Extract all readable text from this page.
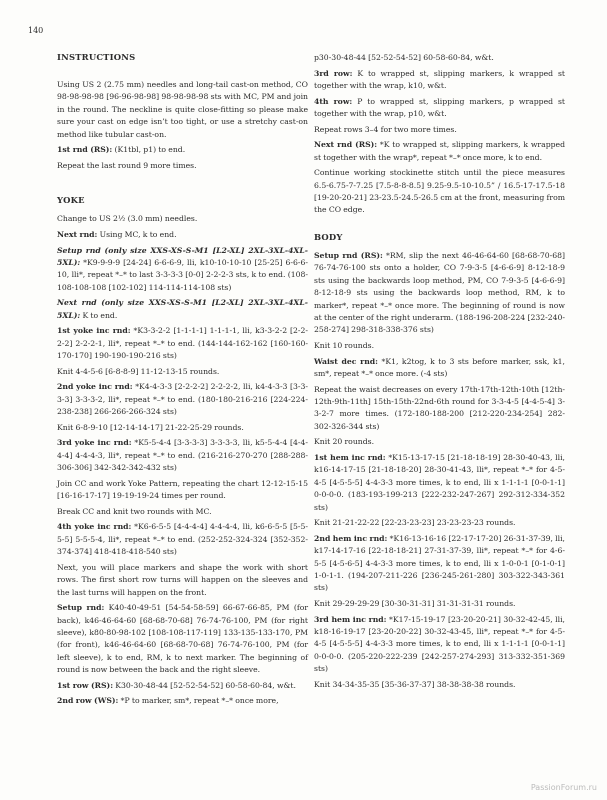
140
INSTRUCTIONS

Using US 2 (2.75 mm) needles and long-tail cast-on method, CO 98-98-98-98 [96-96-98-98] 98-98-98-98 sts with MC, PM and join in the round. The neckline is quite close-fitting so please make sure your cast on edge isn’t too tight, or use a stretchy cast-on method like tubular cast-on.

1st rnd (RS): (K1tbl, p1) to end.

Repeat the last round 9 more times.

YOKE

Change to US 2½ (3.0 mm) needles.

Next rnd: Using MC, k to end.

Setup rnd (only size XXS-XS-S-M1 [L2-XL] 2XL-3XL-4XL-5XL): *K9-9-9-9 [24-24] 6-6-6-9, lli, k10-10-10-10 [25-25] 6-6-6-10, lli*, repeat *–* to last 3-3-3-3 [0-0] 2-2-2-3 sts, k to end. (108-108-108-108 [102-102] 114-114-114-108 sts)

Next rnd (only size XXS-XS-S-M1 [L2-XL] 2XL-3XL-4XL-5XL): K to end.

1st yoke inc rnd: *K3-3-2-2 [1-1-1-1] 1-1-1-1, lli, k3-3-2-2 [2-2-2-2] 2-2-2-1, lli*, repeat *–* to end. (144-144-162-162 [160-160-170-170] 190-190-190-216 sts)

Knit 4-4-5-6 [6-8-8-9] 11-12-13-15 rounds.

2nd yoke inc rnd: *K4-4-3-3 [2-2-2-2] 2-2-2-2, lli, k4-4-3-3 [3-3-3-3] 3-3-3-2, lli*, repeat *–* to end. (180-180-216-216 [224-224-238-238] 266-266-266-324 sts)

Knit 6-8-9-10 [12-14-14-17] 21-22-25-29 rounds.

3rd yoke inc rnd: *K5-5-4-4 [3-3-3-3] 3-3-3-3, lli, k5-5-4-4 [4-4-4-4] 4-4-4-3, lli*, repeat *–* to end. (216-216-270-270 [288-288-306-306] 342-342-342-432 sts)

Join CC and work Yoke Pattern, repeating the chart 12-12-15-15 [16-16-17-17] 19-19-19-24 times per round.

Break CC and knit two rounds with MC.

4th yoke inc rnd: *K6-6-5-5 [4-4-4-4] 4-4-4-4, lli, k6-6-5-5 [5-5-5-5] 5-5-5-4, lli*, repeat *–* to end. (252-252-324-324 [352-352-374-374] 418-418-418-540 sts)

Next, you will place markers and shape the work with short rows. The first short row turns will happen on the sleeves and the last turns will happen on the front.

Setup rnd: K40-40-49-51 [54-54-58-59] 66-67-66-85, PM (for back), k46-46-64-60 [68-68-70-68] 76-74-76-100, PM (for right sleeve), k80-80-98-102 [108-108-117-119] 133-135-133-170, PM (for front), k46-46-64-60 [68-68-70-68] 76-74-76-100, PM (for left sleeve), k to end, RM, k to next marker. The beginning of round is now between the back and the right sleeve.

1st row (RS): K30-30-48-44 [52-52-54-52] 60-58-60-84, w&t.

2nd row (WS): *P to marker, sm*, repeat *–* once more,

p30-30-48-44 [52-52-54-52] 60-58-60-84, w&t.

3rd row: K to wrapped st, slipping markers, k wrapped st together with the wrap, k10, w&t.

4th row: P to wrapped st, slipping markers, p wrapped st together with the wrap, p10, w&t.

Repeat rows 3–4 for two more times.

Next rnd (RS): *K to wrapped st, slipping markers, k wrapped st together with the wrap*, repeat *–* once more, k to end.

Continue working stockinette stitch until the piece measures 6.5-6.75-7-7.25 [7.5-8-8-8.5] 9.25-9.5-10-10.5” / 16.5-17-17.5-18 [19-20-20-21] 23-23.5-24.5-26.5 cm at the front, measuring from the CO edge.

BODY

Setup rnd (RS): *RM, slip the next 46-46-64-60 [68-68-70-68] 76-74-76-100 sts onto a holder, CO 7-9-3-5 [4-6-6-9] 8-12-18-9 sts using the backwards loop method, PM, CO 7-9-3-5 [4-6-6-9] 8-12-18-9 sts using the backwards loop method, RM, k to marker*, repeat *–* once more. The beginning of round is now at the center of the right underarm. (188-196-208-224 [232-240-258-274] 298-318-338-376 sts)

Knit 10 rounds.

Waist dec rnd: *K1, k2tog, k to 3 sts before marker, ssk, k1, sm*, repeat *–* once more. (-4 sts)

Repeat the waist decreases on every 17th-17th-12th-10th [12th-12th-9th-11th] 15th-15th-22nd-6th round for 3-3-4-5 [4-4-5-4] 3-3-2-7 more times. (172-180-188-200 [212-220-234-254] 282-302-326-344 sts)

Knit 20 rounds.

1st hem inc rnd: *K15-13-17-15 [21-18-18-19] 28-30-40-43, lli, k16-14-17-15 [21-18-18-20] 28-30-41-43, lli*, repeat *–* for 4-5-4-5 [4-5-5-5] 4-4-3-3 more times, k to end, lli x 1-1-1-1 [0-0-1-1] 0-0-0-0. (183-193-199-213 [222-232-247-267] 292-312-334-352 sts)

Knit 21-21-22-22 [22-23-23-23] 23-23-23-23 rounds.

2nd hem inc rnd: *K16-13-16-16 [22-17-17-20] 26-31-37-39, lli, k17-14-17-16 [22-18-18-21] 27-31-37-39, lli*, repeat *–* for 4-6-5-5 [4-5-6-5] 4-4-3-3 more times, k to end, lli x 1-0-0-1 [0-1-0-1] 1-0-1-1. (194-207-211-226 [236-245-261-280] 303-322-343-361 sts)

Knit 29-29-29-29 [30-30-31-31] 31-31-31-31 rounds.

3rd hem inc rnd: *K17-15-19-17 [23-20-20-21] 30-32-42-45, lli, k18-16-19-17 [23-20-20-22] 30-32-43-45, lli*, repeat *–* for 4-5-4-5 [4-5-5-5] 4-4-3-3 more times, k to end, lli x 1-1-1-1 [0-0-1-1] 0-0-0-0. (205-220-222-239 [242-257-274-293] 313-332-351-369 sts)

Knit 34-34-35-35 [35-36-37-37] 38-38-38-38 rounds.

PassionForum.ru
